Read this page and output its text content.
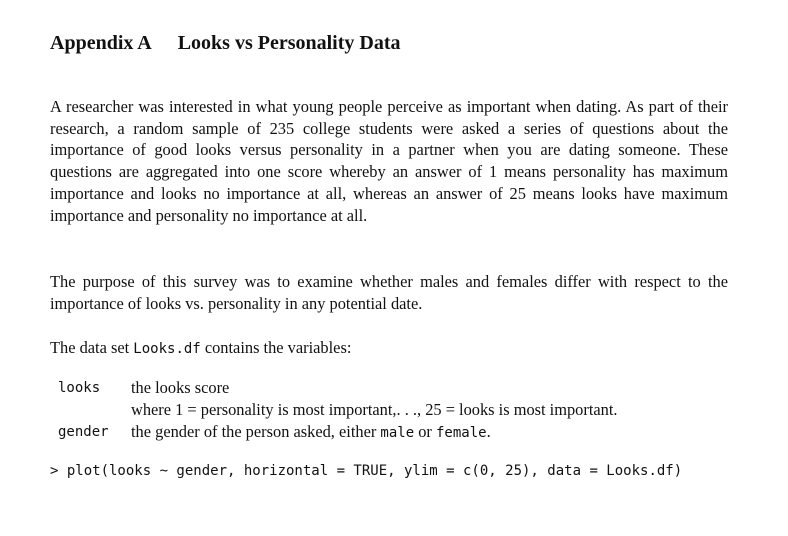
Appendix A Looks vs Personality Data

A researcher was interested in what young people perceive as important when dating. As part of their research, a random sample of 235 college students were asked a series of questions about the importance of good looks versus personality in a partner when you are dating someone. These questions are aggregated into one score whereby an answer of 1 means personality has maximum importance and looks no importance at all, whereas an answer of 25 means looks have maximum importance and personality no importance at all.

The purpose of this survey was to examine whether males and females differ with respect to the importance of looks vs. personality in any potential date.

The data set Looks.df contains the variables:

looks the looks score
where 1 = personality is most important,. . ., 25 = looks is most important.
gender the gender of the person asked, either male or female.
> plot(looks ~ gender, horizontal = TRUE, ylim = c(0, 25), data = Looks.df)
